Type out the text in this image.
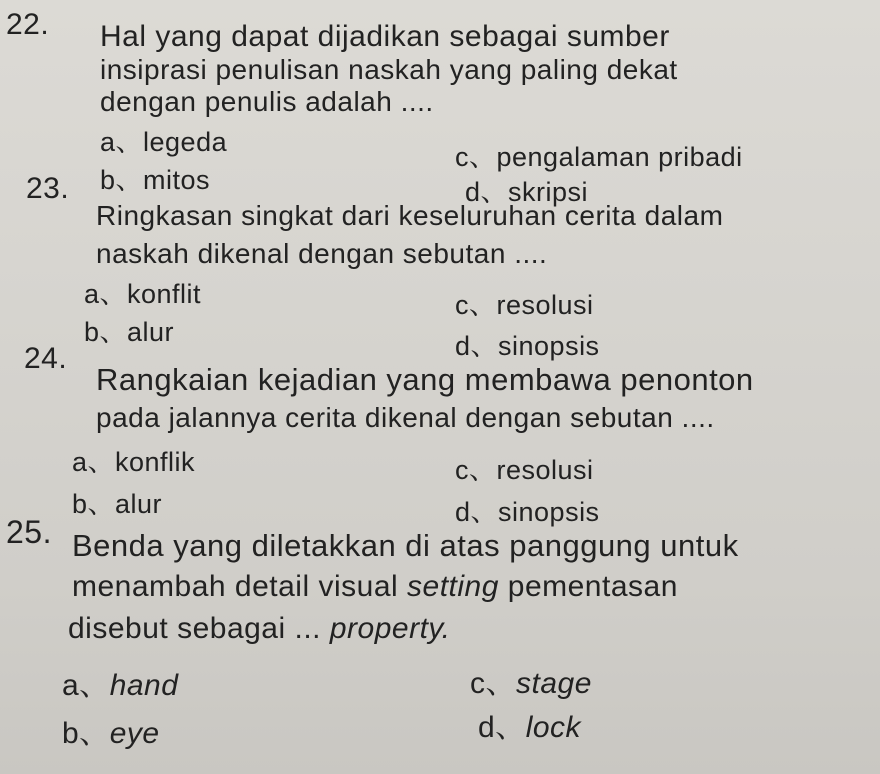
22. Hal yang dapat dijadikan sebagai sumber
insiprasi penulisan naskah yang paling dekat
dengan penulis adalah ....
a、legeda	c、pengalaman pribadi
b、mitos	d、skripsi
23.
Ringkasan singkat dari keseluruhan cerita dalam
naskah dikenal dengan sebutan ....
a、konflit	c、resolusi
b、alur	d、sinopsis
24.
Rangkaian kejadian yang membawa penonton
pada jalannya cerita dikenal dengan sebutan ....
a、konflik	c、resolusi
b、alur	d、sinopsis
25. Benda yang diletakkan di atas panggung untuk
menambah detail visual setting pementasan
disebut sebagai ... property.
a、hand	c、stage
b、eye	d、lock
